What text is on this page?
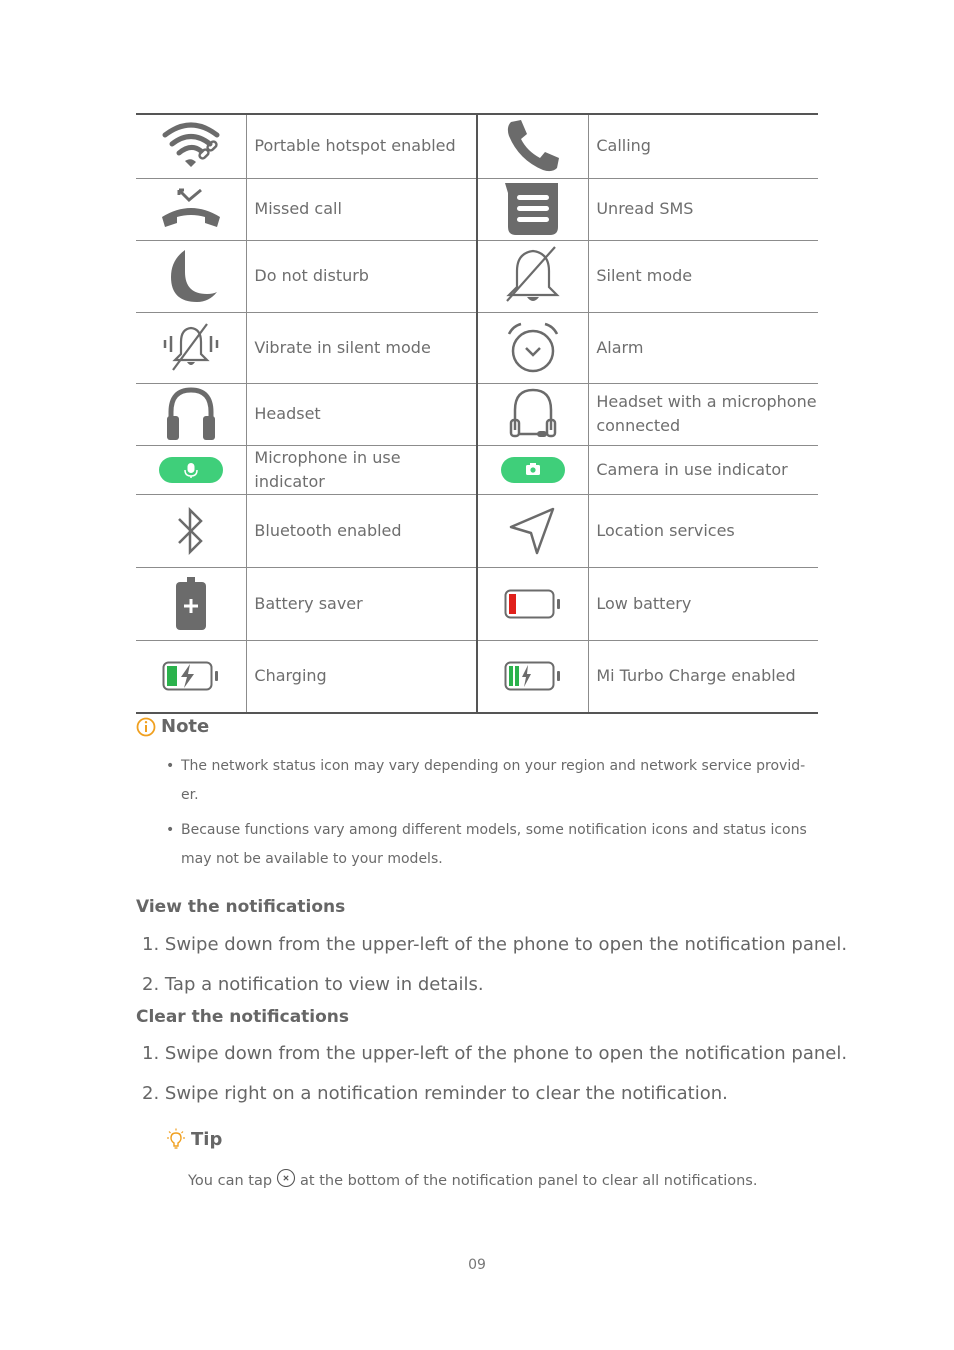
	Portable hotspot enabled		Calling

	Missed call		Unread SMS

	Do not disturb		Silent mode

	Vibrate in silent mode		Alarm

	Headset		Headset with a microphone connected

	Microphone in use indicator		Camera in use indicator

	Bluetooth enabled		Location services

	Battery saver		Low battery

	Charging		Mi Turbo Charge enabled
Note
• The network status icon may vary depending on your region and network service provid-er.
• Because functions vary among different models, some notification icons and status icons may not be available to your models.
View the notifications
1. Swipe down from the upper-left of the phone to open the notification panel.
2. Tap a notification to view in details.
Clear the notifications
1. Swipe down from the upper-left of the phone to open the notification panel.
2. Swipe right on a notification reminder to clear the notification.
Tip
You can tap at the bottom of the notification panel to clear all notifications.
09
